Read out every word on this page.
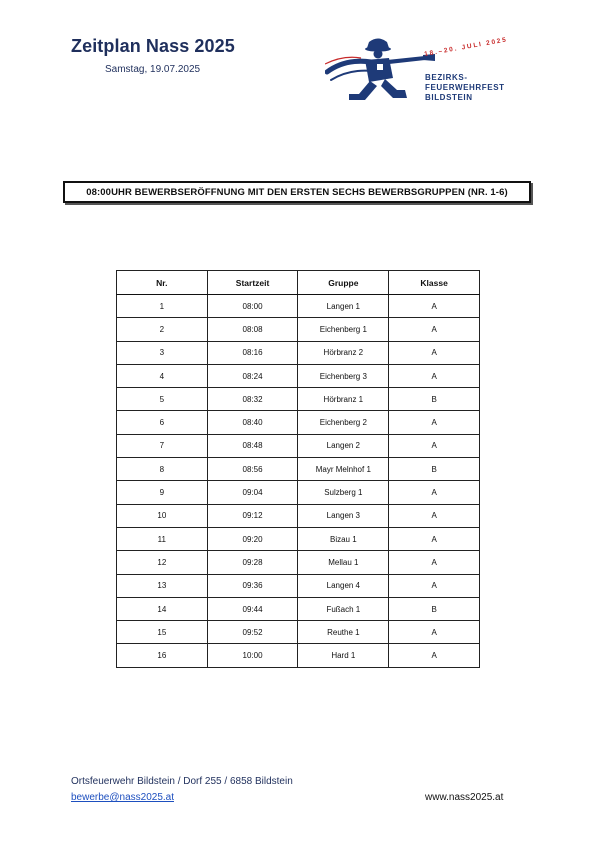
Zeitplan Nass 2025
Samstag, 19.07.2025
18.–20. JULI 2025
BEZIRKS-
FEUERWEHRFEST
BILDSTEIN
08:00UHR BEWERBSERÖFFNUNG MIT DEN ERSTEN SECHS BEWERBSGRUPPEN (NR. 1-6)
Nr.	Startzeit	Gruppe	Klasse
1	08:00	Langen 1	A
2	08:08	Eichenberg 1	A
3	08:16	Hörbranz 2	A
4	08:24	Eichenberg 3	A
5	08:32	Hörbranz 1	B
6	08:40	Eichenberg 2	A
7	08:48	Langen 2	A
8	08:56	Mayr Melnhof 1	B
9	09:04	Sulzberg 1	A
10	09:12	Langen 3	A
11	09:20	Bizau 1	A
12	09:28	Mellau 1	A
13	09:36	Langen 4	A
14	09:44	Fußach 1	B
15	09:52	Reuthe 1	A
16	10:00	Hard 1	A
Ortsfeuerwehr Bildstein / Dorf 255 / 6858 Bildstein
bewerbe@nass2025.at	www.nass2025.at
